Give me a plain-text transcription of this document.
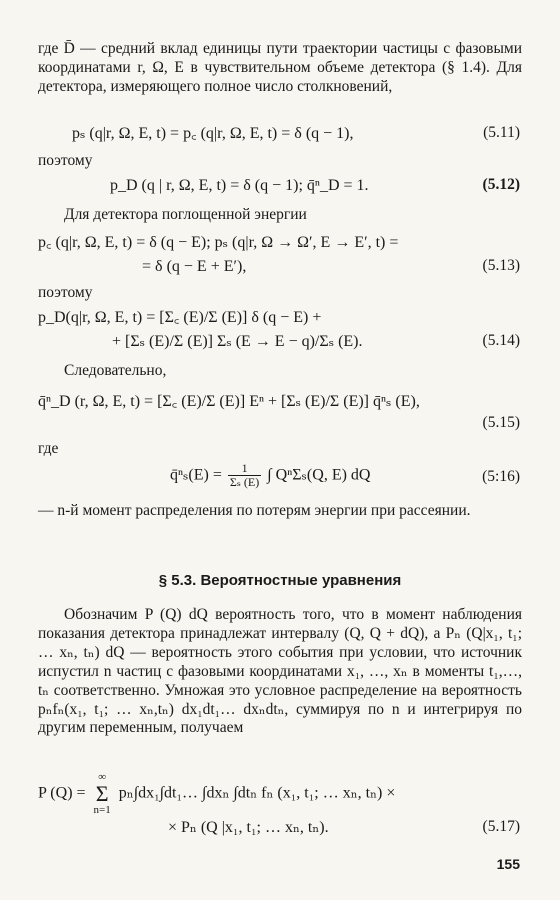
где D̄ — средний вклад единицы пути траектории частицы с фазовыми координатами r, Ω, E в чувствительном объеме детектора (§ 1.4). Для детектора, измеряющего полное число столкновений,
pₛ (q|r, Ω, E, t) = p꜀ (q|r, Ω, E, t) = δ (q − 1),	(5.11)
поэтому
p_D (q | r, Ω, E, t) = δ (q − 1); q̄ⁿ_D = 1.	(5.12)
Для детектора поглощенной энергии
p꜀ (q|r, Ω, E, t) = δ (q − E); pₛ (q|r, Ω → Ω′, E → E′, t) =
= δ (q − E + E′),	(5.13)
поэтому
p_D(q|r, Ω, E, t) = [Σ꜀ (E)/Σ (E)] δ (q − E) +
+ [Σₛ (E)/Σ (E)] Σₛ (E → E − q)/Σₛ (E).	(5.14)
Следовательно,
q̄ⁿ_D (r, Ω, E, t) = [Σ꜀ (E)/Σ (E)] Eⁿ + [Σₛ (E)/Σ (E)] q̄ⁿₛ (E),
(5.15)
где
q̄ⁿₛ(E) = $\frac{1}{\text{Σₛ (E)}}$ ∫ QⁿΣₛ(Q, E) dQ	(5:16)
— n-й момент распределения по потерям энергии при рассеянии.
§ 5.3. Вероятностные уравнения
Обозначим P (Q) dQ вероятность того, что в момент наблюдения показания детектора принадлежат интервалу (Q, Q + dQ), а Pₙ (Q|x₁, t₁; … xₙ, tₙ) dQ — вероятность этого события при условии, что источник испустил n частиц с фазовыми координатами x₁, …, xₙ в моменты t₁,…, tₙ соответственно. Умножая это условное распределение на вероятность pₙfₙ(x₁, t₁; … xₙ,tₙ) dx₁dt₁… dxₙdtₙ, суммируя по n и интегрируя по другим переменным, получаем
P (Q) =
∞
Σ
n=1
pₙ∫dx₁∫dt₁… ∫dxₙ ∫dtₙ fₙ (x₁, t₁; … xₙ, tₙ) ×
× Pₙ (Q |x₁, t₁; … xₙ, tₙ).	(5.17)
155
